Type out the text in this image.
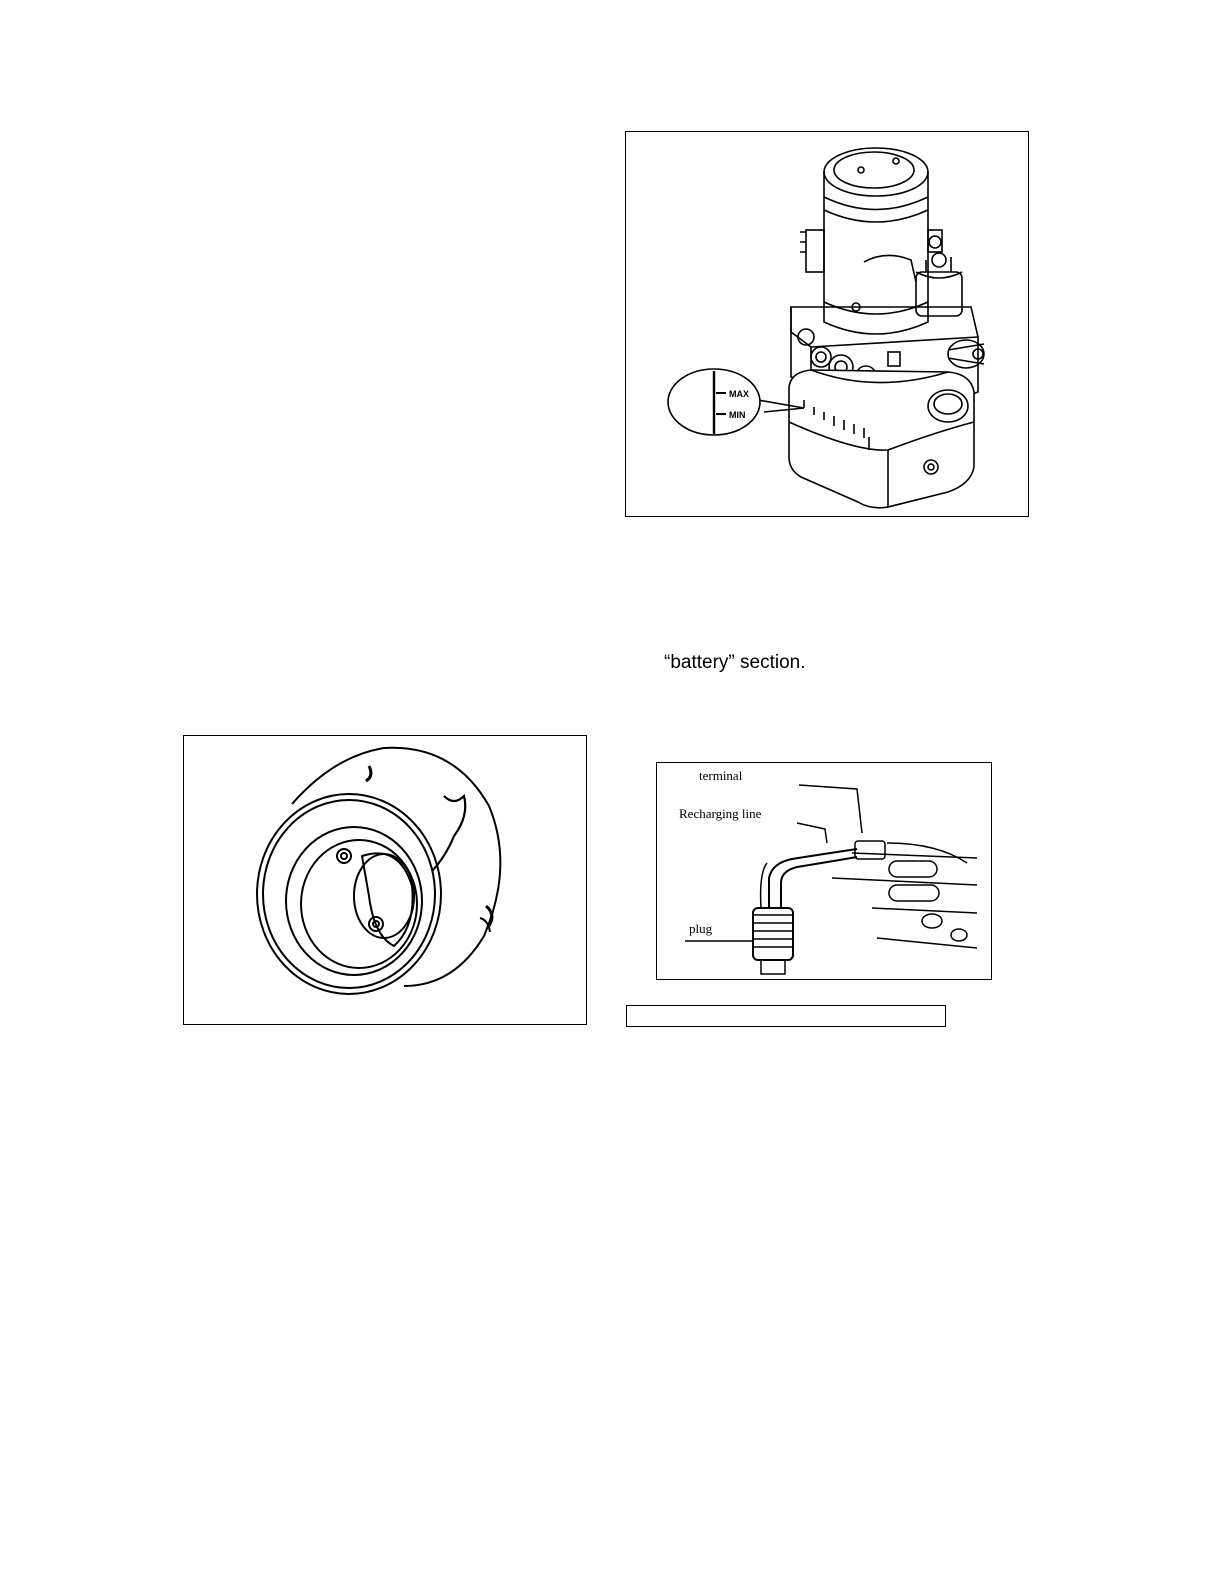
MAX
MIN
“battery” section.
terminal
Recharging line
plug
